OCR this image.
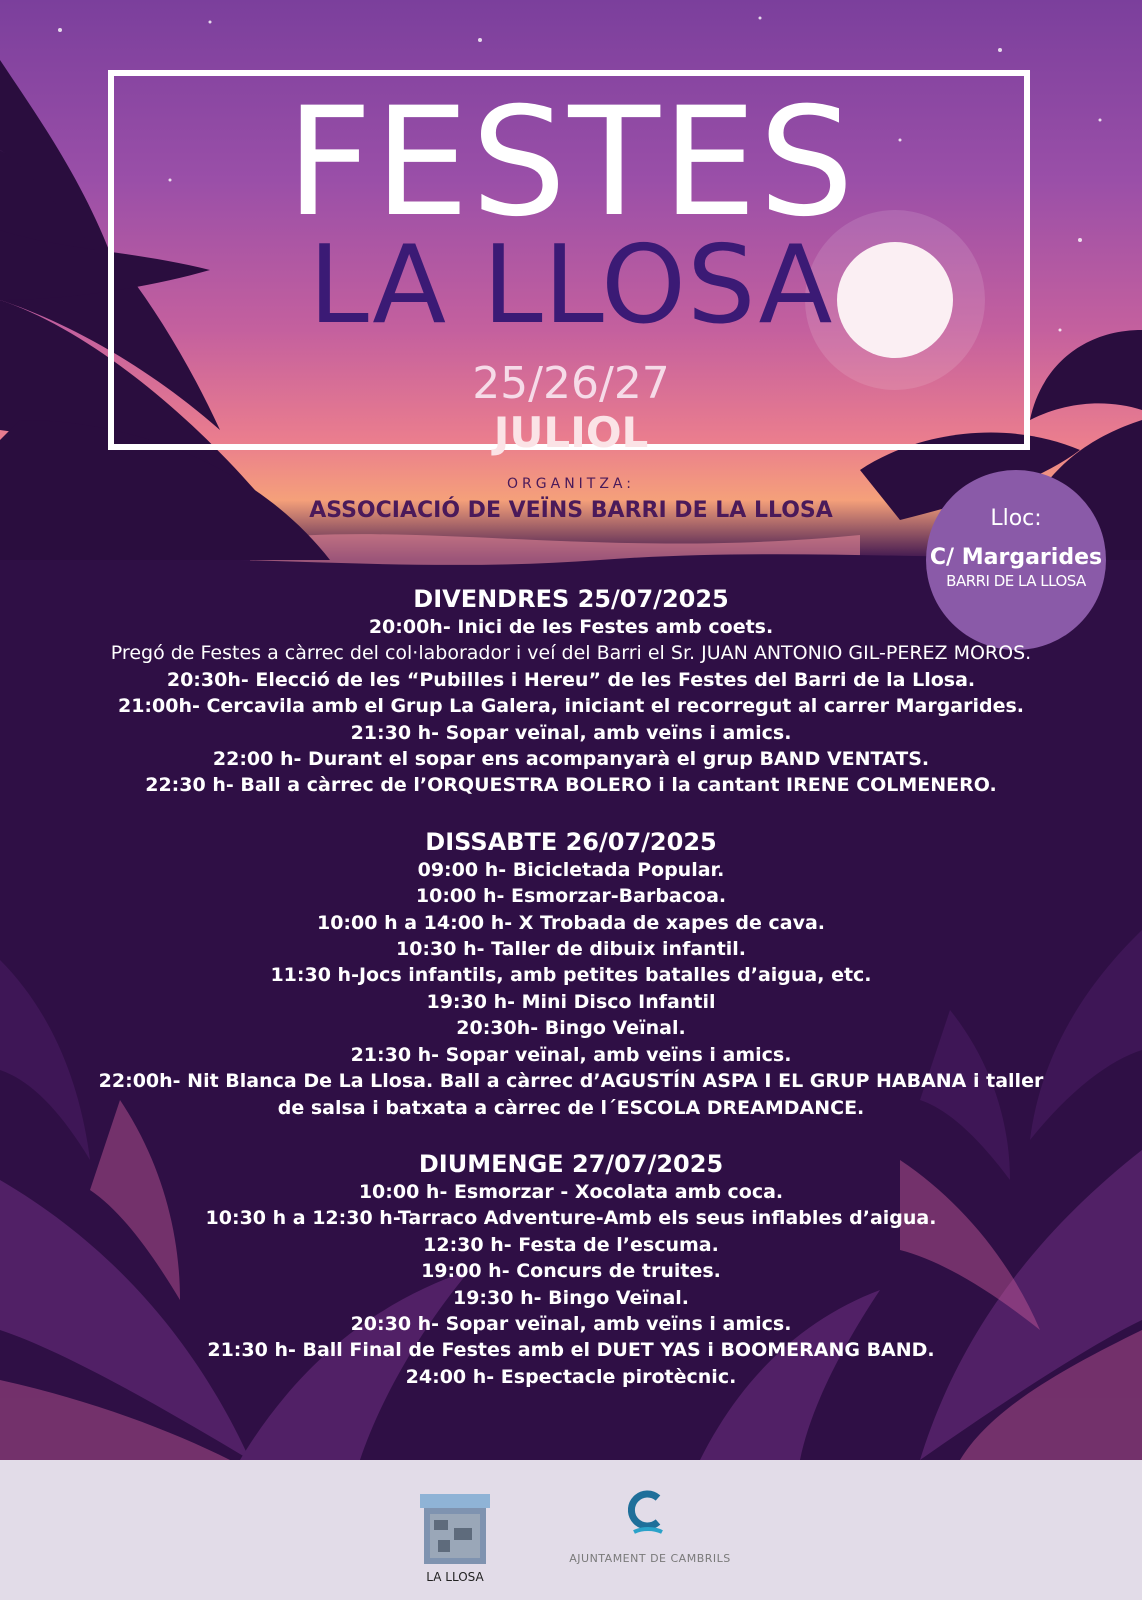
FESTES
LA LLOSA
25/26/27
JULIOL
ORGANITZA:
ASSOCIACIÓ DE VEÏNS BARRI DE LA LLOSA	Lloc:
C/ Margarides
BARRI DE LA LLOSA
DIVENDRES 25/07/2025
20:00h- Inici de les Festes amb coets.
Pregó de Festes a càrrec del col·laborador i veí del Barri el Sr. JUAN ANTONIO GIL-PEREZ MOROS.
20:30h- Elecció de les “Pubilles i Hereu” de les Festes del Barri de la Llosa.
21:00h- Cercavila amb el Grup La Galera, iniciant el recorregut al carrer Margarides.
21:30 h- Sopar veïnal, amb veïns i amics.
22:00 h- Durant el sopar ens acompanyarà el grup BAND VENTATS.
22:30 h- Ball a càrrec de l’ORQUESTRA BOLERO i la cantant IRENE COLMENERO.
DISSABTE 26/07/2025
09:00 h- Bicicletada Popular.
10:00 h- Esmorzar-Barbacoa.
10:00 h a 14:00 h- X Trobada de xapes de cava.
10:30 h- Taller de dibuix infantil.
11:30 h-Jocs infantils, amb petites batalles d’aigua, etc.
19:30 h- Mini Disco Infantil
20:30h- Bingo Veïnal.
21:30 h- Sopar veïnal, amb veïns i amics.
22:00h- Nit Blanca De La Llosa. Ball a càrrec d’AGUSTÍN ASPA I EL GRUP HABANA i taller
de salsa i batxata a càrrec de l´ESCOLA DREAMDANCE.
DIUMENGE 27/07/2025
10:00 h- Esmorzar - Xocolata amb coca.
10:30 h a 12:30 h-Tarraco Adventure-Amb els seus inflables d’aigua.
12:30 h- Festa de l’escuma.
19:00 h- Concurs de truites.
19:30 h- Bingo Veïnal.
20:30 h- Sopar veïnal, amb veïns i amics.
21:30 h- Ball Final de Festes amb el DUET YAS i BOOMERANG BAND.
24:00 h- Espectacle pirotècnic.
LA LLOSA
AJUNTAMENT DE CAMBRILS
